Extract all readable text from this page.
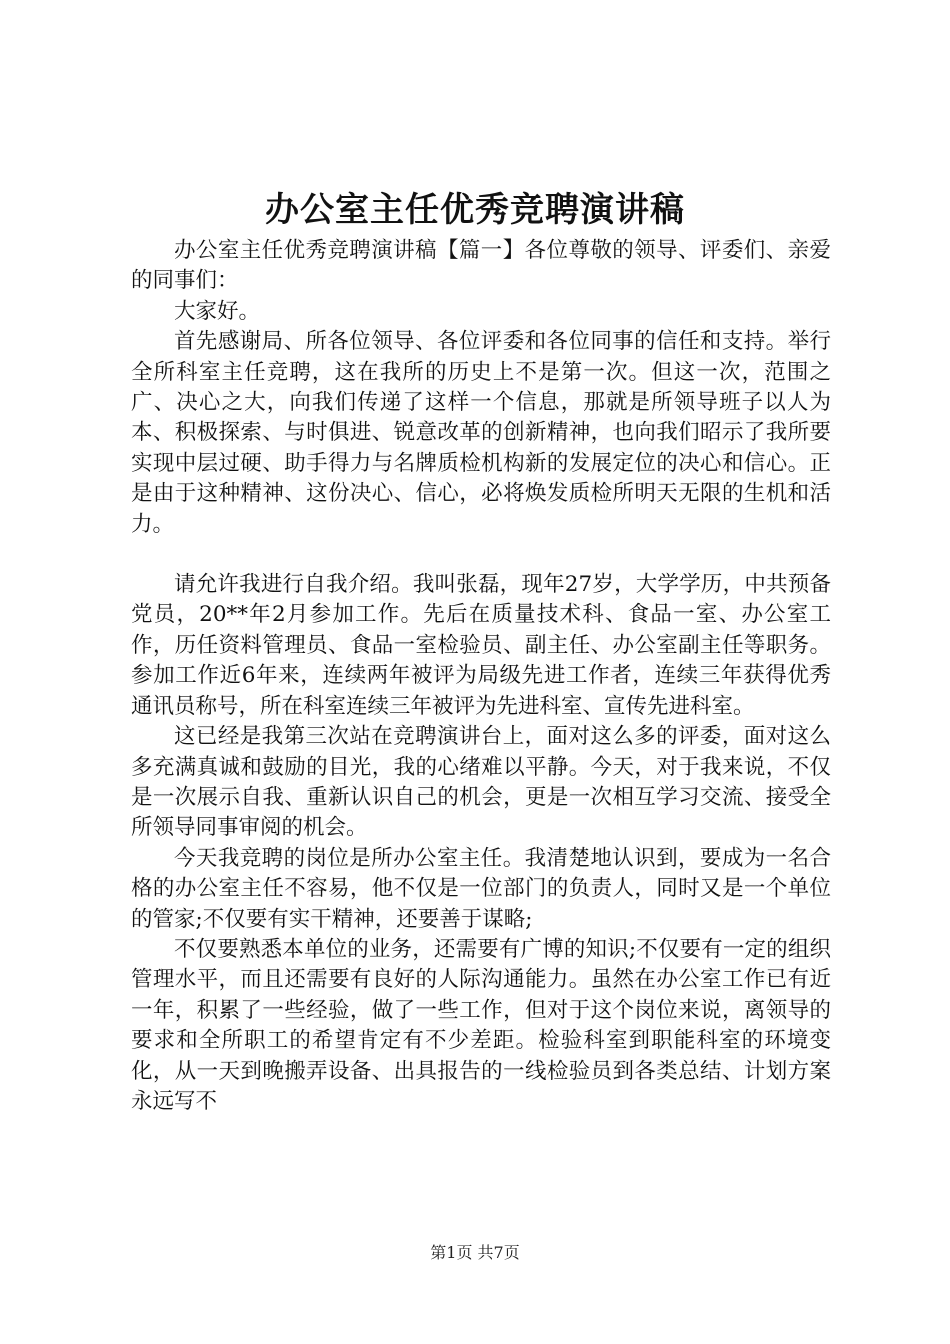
办公室主任优秀竞聘演讲稿

办公室主任优秀竞聘演讲稿【篇一】各位尊敬的领导、评委们、亲爱的同事们：

大家好。

首先感谢局、所各位领导、各位评委和各位同事的信任和支持。举行全所科室主任竞聘，这在我所的历史上不是第一次。但这一次，范围之广、决心之大，向我们传递了这样一个信息，那就是所领导班子以人为本、积极探索、与时俱进、锐意改革的创新精神，也向我们昭示了我所要实现中层过硬、助手得力与名牌质检机构新的发展定位的决心和信心。正是由于这种精神、这份决心、信心，必将焕发质检所明天无限的生机和活力。

请允许我进行自我介绍。我叫张磊，现年27岁，大学学历，中共预备党员，20**年2月参加工作。先后在质量技术科、食品一室、办公室工作，历任资料管理员、食品一室检验员、副主任、办公室副主任等职务。参加工作近6年来，连续两年被评为局级先进工作者，连续三年获得优秀通讯员称号，所在科室连续三年被评为先进科室、宣传先进科室。

这已经是我第三次站在竞聘演讲台上，面对这么多的评委，面对这么多充满真诚和鼓励的目光，我的心绪难以平静。今天，对于我来说，不仅是一次展示自我、重新认识自己的机会，更是一次相互学习交流、接受全所领导同事审阅的机会。

今天我竞聘的岗位是所办公室主任。我清楚地认识到，要成为一名合格的办公室主任不容易，他不仅是一位部门的负责人，同时又是一个单位的管家;不仅要有实干精神，还要善于谋略;

不仅要熟悉本单位的业务，还需要有广博的知识;不仅要有一定的组织管理水平，而且还需要有良好的人际沟通能力。虽然在办公室工作已有近一年，积累了一些经验，做了一些工作，但对于这个岗位来说，离领导的要求和全所职工的希望肯定有不少差距。检验科室到职能科室的环境变化，从一天到晚搬弄设备、出具报告的一线检验员到各类总结、计划方案永远写不

第1页 共7页
